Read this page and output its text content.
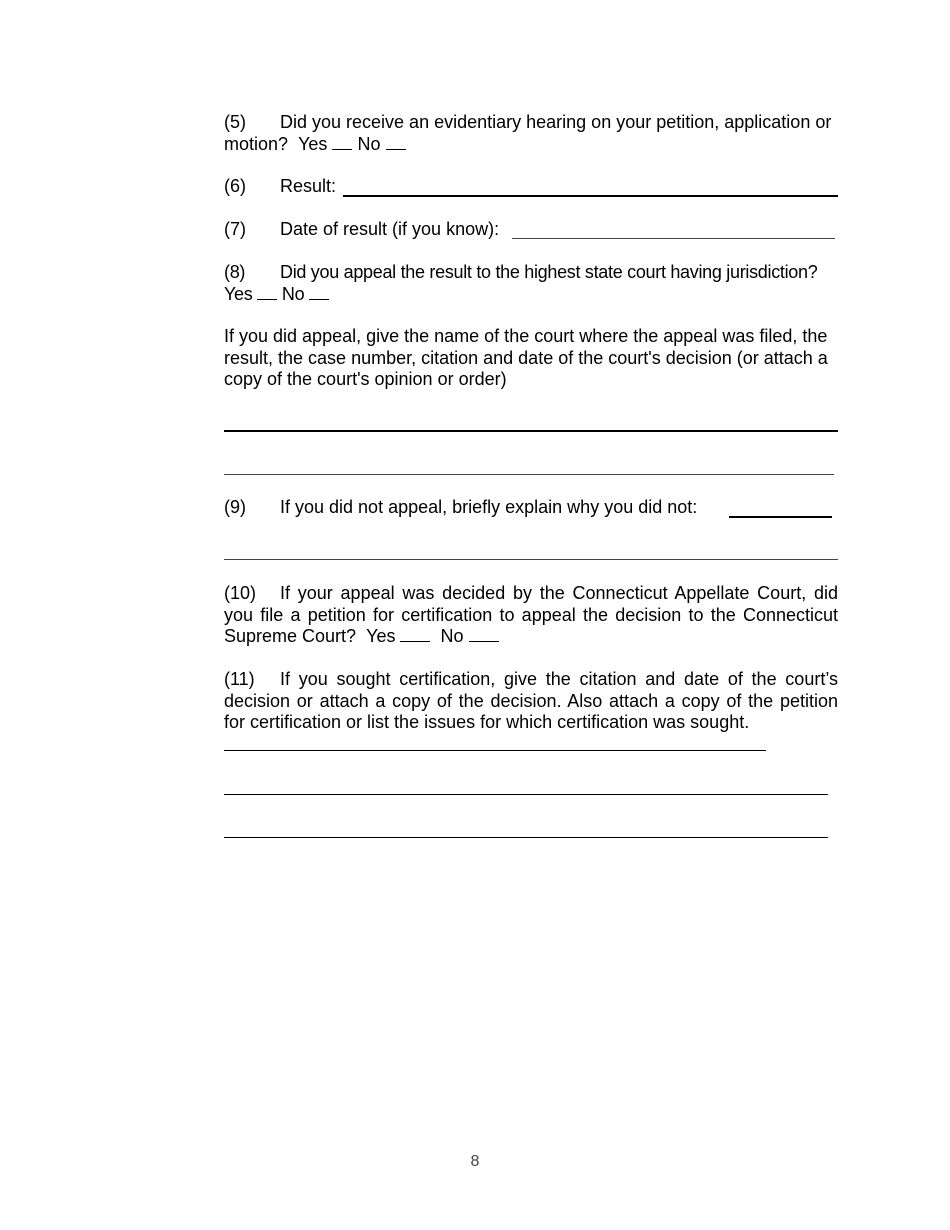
(5) Did you receive an evidentiary hearing on your petition, application or motion? Yes No

(6) Result:

(7) Date of result (if you know):

(8) Did you appeal the result to the highest state court having jurisdiction?
Yes No

If you did appeal, give the name of the court where the appeal was filed, the result, the case number, citation and date of the court's decision (or attach a copy of the court's opinion or order)

(9) If you did not appeal, briefly explain why you did not:

(10) If your appeal was decided by the Connecticut Appellate Court, did you file a petition for certification to appeal the decision to the Connecticut Supreme Court? Yes	No

(11) If you sought certification, give the citation and date of the court’s decision or attach a copy of the decision. Also attach a copy of the petition for certification or list the issues for which certification was sought.

8
